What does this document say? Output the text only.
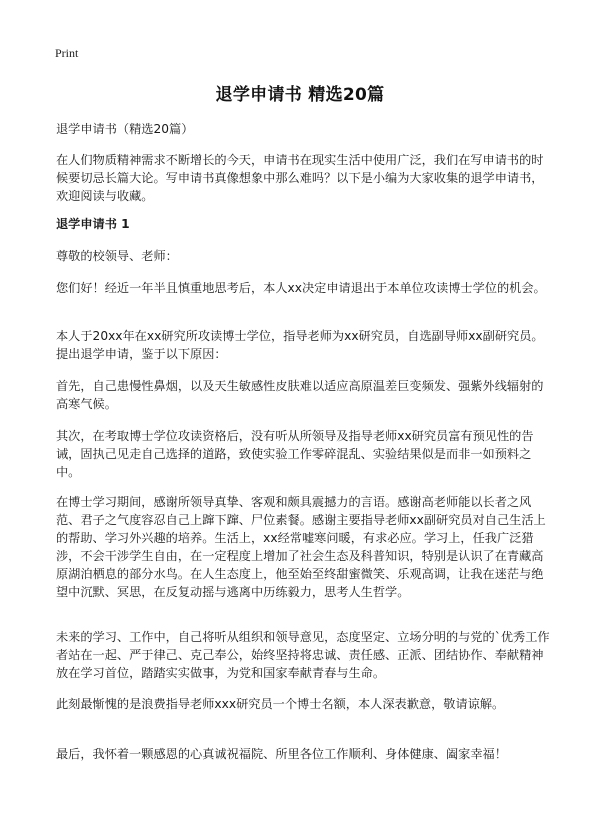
Print
退学申请书 精选20篇
退学申请书（精选20篇）
在人们物质精神需求不断增长的今天，申请书在现实生活中使用广泛，我们在写申请书的时候要切忌长篇大论。写申请书真像想象中那么难吗？以下是小编为大家收集的退学申请书，欢迎阅读与收藏。
退学申请书 1
尊敬的校领导、老师：
您们好！经近一年半且慎重地思考后，本人xx决定申请退出于本单位攻读博士学位的机会。
本人于20xx年在xx研究所攻读博士学位，指导老师为xx研究员，自选副导师xx副研究员。提出退学申请，鉴于以下原因：
首先，自己患慢性鼻烟，以及天生敏感性皮肤难以适应高原温差巨变频发、强紫外线辐射的高寒气候。
其次，在考取博士学位攻读资格后，没有听从所领导及指导老师xx研究员富有预见性的告诫，固执己见走自己选择的道路，致使实验工作零碎混乱、实验结果似是而非一如预料之中。
在博士学习期间，感谢所领导真挚、客观和颇具震撼力的言语。感谢高老师能以长者之风范、君子之气度容忍自己上蹿下蹿、尸位素餐。感谢主要指导老师xx副研究员对自己生活上的帮助、学习外兴趣的培养。生活上，xx经常嘘寒问暖，有求必应。学习上，任我广泛猎涉，不会干涉学生自由，在一定程度上增加了社会生态及科普知识，特别是认识了在青藏高原湖泊栖息的部分水鸟。在人生态度上，他至始至终甜蜜微笑、乐观高调，让我在迷茫与绝望中沉默、冥思，在反复动摇与逃离中历练毅力，思考人生哲学。
未来的学习、工作中，自己将听从组织和领导意见，态度坚定、立场分明的与党的`优秀工作者站在一起、严于律己、克己奉公，始终坚持将忠诚、责任感、正派、团结协作、奉献精神放在学习首位，踏踏实实做事，为党和国家奉献青春与生命。
此刻最惭愧的是浪费指导老师xxx研究员一个博士名额，本人深表歉意，敬请谅解。
最后，我怀着一颗感恩的心真诚祝福院、所里各位工作顺利、身体健康、阖家幸福！
